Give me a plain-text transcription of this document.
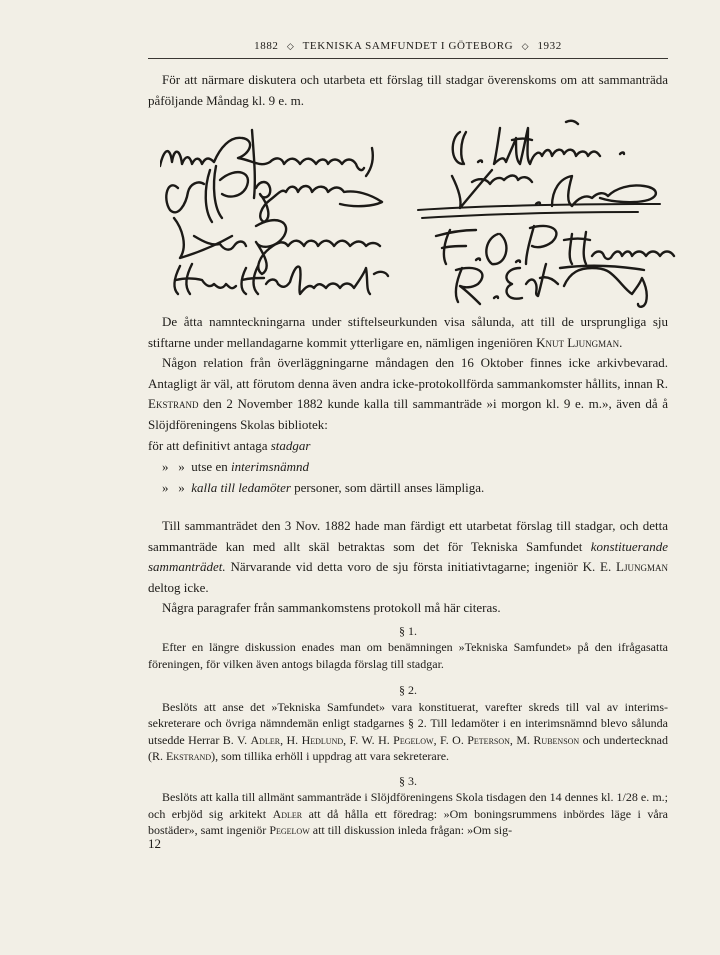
1882 ◇ TEKNISKA SAMFUNDET I GÖTEBORG ◇ 1932

För att närmare diskutera och utarbeta ett förslag till stadgar överenskoms om att sammanträda påföljande Måndag kl. 9 e. m.

De åtta namnteckningarna under stiftelseurkunden visa sålunda, att till de ursprungliga sju stiftarne under mellandagarne kommit ytterligare en, nämligen ingeniören Knut Ljungman.

Någon relation från överläggningarne måndagen den 16 Oktober finnes icke arkivbevarad. Antagligt är väl, att förutom denna även andra icke-protokollförda sammankomster hållits, innan R. Ekstrand den 2 November 1882 kunde kalla till sammanträde »i morgon kl. 9 e. m.», även då å Slöjdföreningens Skolas bibliotek:

för att definitivt antaga stadgar

»   »  utse en interimsnämnd

»   »  kalla till ledamöter personer, som därtill anses lämpliga.

Till sammanträdet den 3 Nov. 1882 hade man färdigt ett utarbetat förslag till stadgar, och detta sammanträde kan med allt skäl betraktas som det för Tekniska Samfundet konstituerande sammanträdet. Närvarande vid detta voro de sju första initiativtagarne; ingeniör K. E. Ljungman deltog icke.

Några paragrafer från sammankomstens protokoll må här citeras.

§ 1.

Efter en längre diskussion enades man om benämningen »Tekniska Samfundet» på den ifrågasatta föreningen, för vilken även antogs bilagda förslag till stadgar.

§ 2.

Beslöts att anse det »Tekniska Samfundet» vara konstituerat, varefter skreds till val av interims-sekreterare och övriga nämndemän enligt stadgarnes § 2. Till ledamöter i en interimsnämnd blevo sålunda utsedde Herrar B. V. Adler, H. Hedlund, F. W. H. Pegelow, F. O. Peterson, M. Rubenson och undertecknad (R. Ekstrand), som tillika erhöll i uppdrag att vara sekreterare.

§ 3.

Beslöts att kalla till allmänt sammanträde i Slöjdföreningens Skola tisdagen den 14 dennes kl. 1/28 e. m.; och erbjöd sig arkitekt Adler att då hålla ett föredrag: »Om boningsrummens inbördes läge i våra bostäder», samt ingeniör Pegelow att till diskussion inleda frågan: »Om sig-

12
